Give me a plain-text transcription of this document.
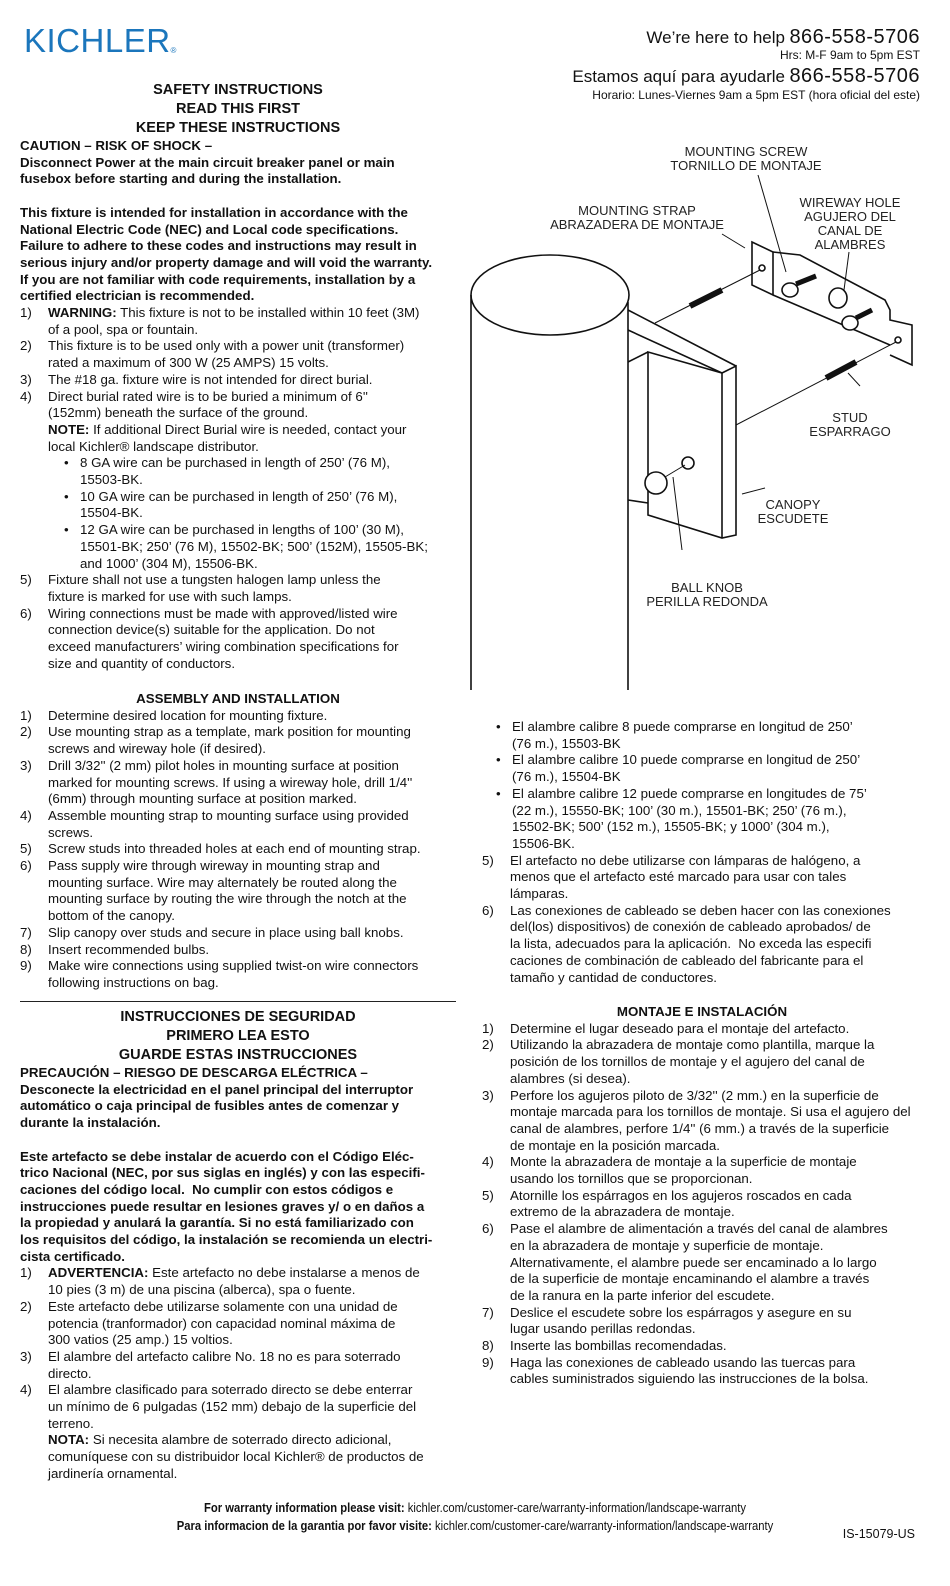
KICHLER®
We’re here to help 866-558-5706
Hrs: M-F 9am to 5pm EST
Estamos aquí para ayudarle 866-558-5706
Horario: Lunes-Viernes 9am a 5pm EST (hora oficial del este)
SAFETY INSTRUCTIONS
READ THIS FIRST
KEEP THESE INSTRUCTIONS
CAUTION – RISK OF SHOCK –
Disconnect Power at the main circuit breaker panel or main
fusebox before starting and during the installation.
This fixture is intended for installation in accordance with the
National Electric Code (NEC) and Local code specifications.
Failure to adhere to these codes and instructions may result in
serious injury and/or property damage and will void the warranty.
If you are not familiar with code requirements, installation by a
certified electrician is recommended.
1) WARNING: This fixture is not to be installed within 10 feet (3M)
of a pool, spa or fountain.
2) This fixture is to be used only with a power unit (transformer)
rated a maximum of 300 W (25 AMPS) 15 volts.
3) The #18 ga. fixture wire is not intended for direct burial.
4) Direct burial rated wire is to be buried a minimum of 6''
(152mm) beneath the surface of the ground.
NOTE: If additional Direct Burial wire is needed, contact your
local Kichler® landscape distributor.
• 8 GA wire can be purchased in length of 250’ (76 M),
15503-BK.
• 10 GA wire can be purchased in length of 250’ (76 M),
15504-BK.
• 12 GA wire can be purchased in lengths of 100’ (30 M),
15501-BK; 250’ (76 M), 15502-BK; 500’ (152M), 15505-BK;
and 1000’ (304 M), 15506-BK.
5) Fixture shall not use a tungsten halogen lamp unless the
fixture is marked for use with such lamps.
6) Wiring connections must be made with approved/listed wire
connection device(s) suitable for the application. Do not
exceed manufacturers’ wiring combination specifications for
size and quantity of conductors.
ASSEMBLY AND INSTALLATION
1) Determine desired location for mounting fixture.
2) Use mounting strap as a template, mark position for mounting
screws and wireway hole (if desired).
3) Drill 3/32'' (2 mm) pilot holes in mounting surface at position
marked for mounting screws. If using a wireway hole, drill 1/4''
(6mm) through mounting surface at position marked.
4) Assemble mounting strap to mounting surface using provided
screws.
5) Screw studs into threaded holes at each end of mounting strap.
6) Pass supply wire through wireway in mounting strap and
mounting surface. Wire may alternately be routed along the
mounting surface by routing the wire through the notch at the
bottom of the canopy.
7) Slip canopy over studs and secure in place using ball knobs.
8) Insert recommended bulbs.
9) Make wire connections using supplied twist-on wire connectors
following instructions on bag.
INSTRUCCIONES DE SEGURIDAD
PRIMERO LEA ESTO
GUARDE ESTAS INSTRUCCIONES
PRECAUCIÓN – RIESGO DE DESCARGA ELÉCTRICA –
Desconecte la electricidad en el panel principal del interruptor
automático o caja principal de fusibles antes de comenzar y
durante la instalación.
Este artefacto se debe instalar de acuerdo con el Código Eléc-
trico Nacional (NEC, por sus siglas en inglés) y con las especifi-
caciones del código local.  No cumplir con estos códigos e
instrucciones puede resultar en lesiones graves y/ o en daños a
la propiedad y anulará la garantía. Si no está familiarizado con
los requisitos del código, la instalación se recomienda un electri-
cista certificado.
1) ADVERTENCIA: Este artefacto no debe instalarse a menos de
10 pies (3 m) de una piscina (alberca), spa o fuente.
2) Este artefacto debe utilizarse solamente con una unidad de
potencia (tranformador) con capacidad nominal máxima de
300 vatios (25 amp.) 15 voltios.
3) El alambre del artefacto calibre No. 18 no es para soterrado
directo.
4) El alambre clasificado para soterrado directo se debe enterrar
un mínimo de 6 pulgadas (152 mm) debajo de la superficie del
terreno.
NOTA: Si necesita alambre de soterrado directo adicional,
comuníquese con su distribuidor local Kichler® de productos de
jardinería ornamental.
• El alambre calibre 8 puede comprarse en longitud de 250’
(76 m.), 15503-BK
• El alambre calibre 10 puede comprarse en longitud de 250’
(76 m.), 15504-BK
• El alambre calibre 12 puede comprarse en longitudes de 75’
(22 m.), 15550-BK; 100’ (30 m.), 15501-BK; 250’ (76 m.),
15502-BK; 500’ (152 m.), 15505-BK; y 1000’ (304 m.),
15506-BK.
5) El artefacto no debe utilizarse con lámparas de halógeno, a
menos que el artefacto esté marcado para usar con tales
lámparas.
6) Las conexiones de cableado se deben hacer con las conexiones
del(los) dispositivos) de conexión de cableado aprobados/ de
la lista, adecuados para la aplicación.  No exceda las especifi
caciones de combinación de cableado del fabricante para el
tamaño y cantidad de conductores.
MONTAJE E INSTALACIÓN
1) Determine el lugar deseado para el montaje del artefacto.
2) Utilizando la abrazadera de montaje como plantilla, marque la
posición de los tornillos de montaje y el agujero del canal de
alambres (si desea).
3) Perfore los agujeros piloto de 3/32'' (2 mm.) en la superficie de
montaje marcada para los tornillos de montaje. Si usa el agujero del
canal de alambres, perfore 1/4'' (6 mm.) a través de la superficie
de montaje en la posición marcada.
4) Monte la abrazadera de montaje a la superficie de montaje
usando los tornillos que se proporcionan.
5) Atornille los espárragos en los agujeros roscados en cada
extremo de la abrazadera de montaje.
6) Pase el alambre de alimentación a través del canal de alambres
en la abrazadera de montaje y superficie de montaje.
Alternativamente, el alambre puede ser encaminado a lo largo
de la superficie de montaje encaminando el alambre a través
de la ranura en la parte inferior del escudete.
7) Deslice el escudete sobre los espárragos y asegure en su
lugar usando perillas redondas.
8) Inserte las bombillas recomendadas.
9) Haga las conexiones de cableado usando las tuercas para
cables suministrados siguiendo las instrucciones de la bolsa.
MOUNTING SCREW
TORNILLO DE MONTAJE
MOUNTING STRAP
ABRAZADERA DE MONTAJE
WIREWAY HOLE
AGUJERO DEL
CANAL DE
ALAMBRES
STUD
ESPARRAGO
CANOPY
ESCUDETE
BALL KNOB
PERILLA REDONDA
For warranty information please visit: kichler.com/customer-care/warranty-information/landscape-warranty
Para informacion de la garantia por favor visite: kichler.com/customer-care/warranty-information/landscape-warranty
IS-15079-US
